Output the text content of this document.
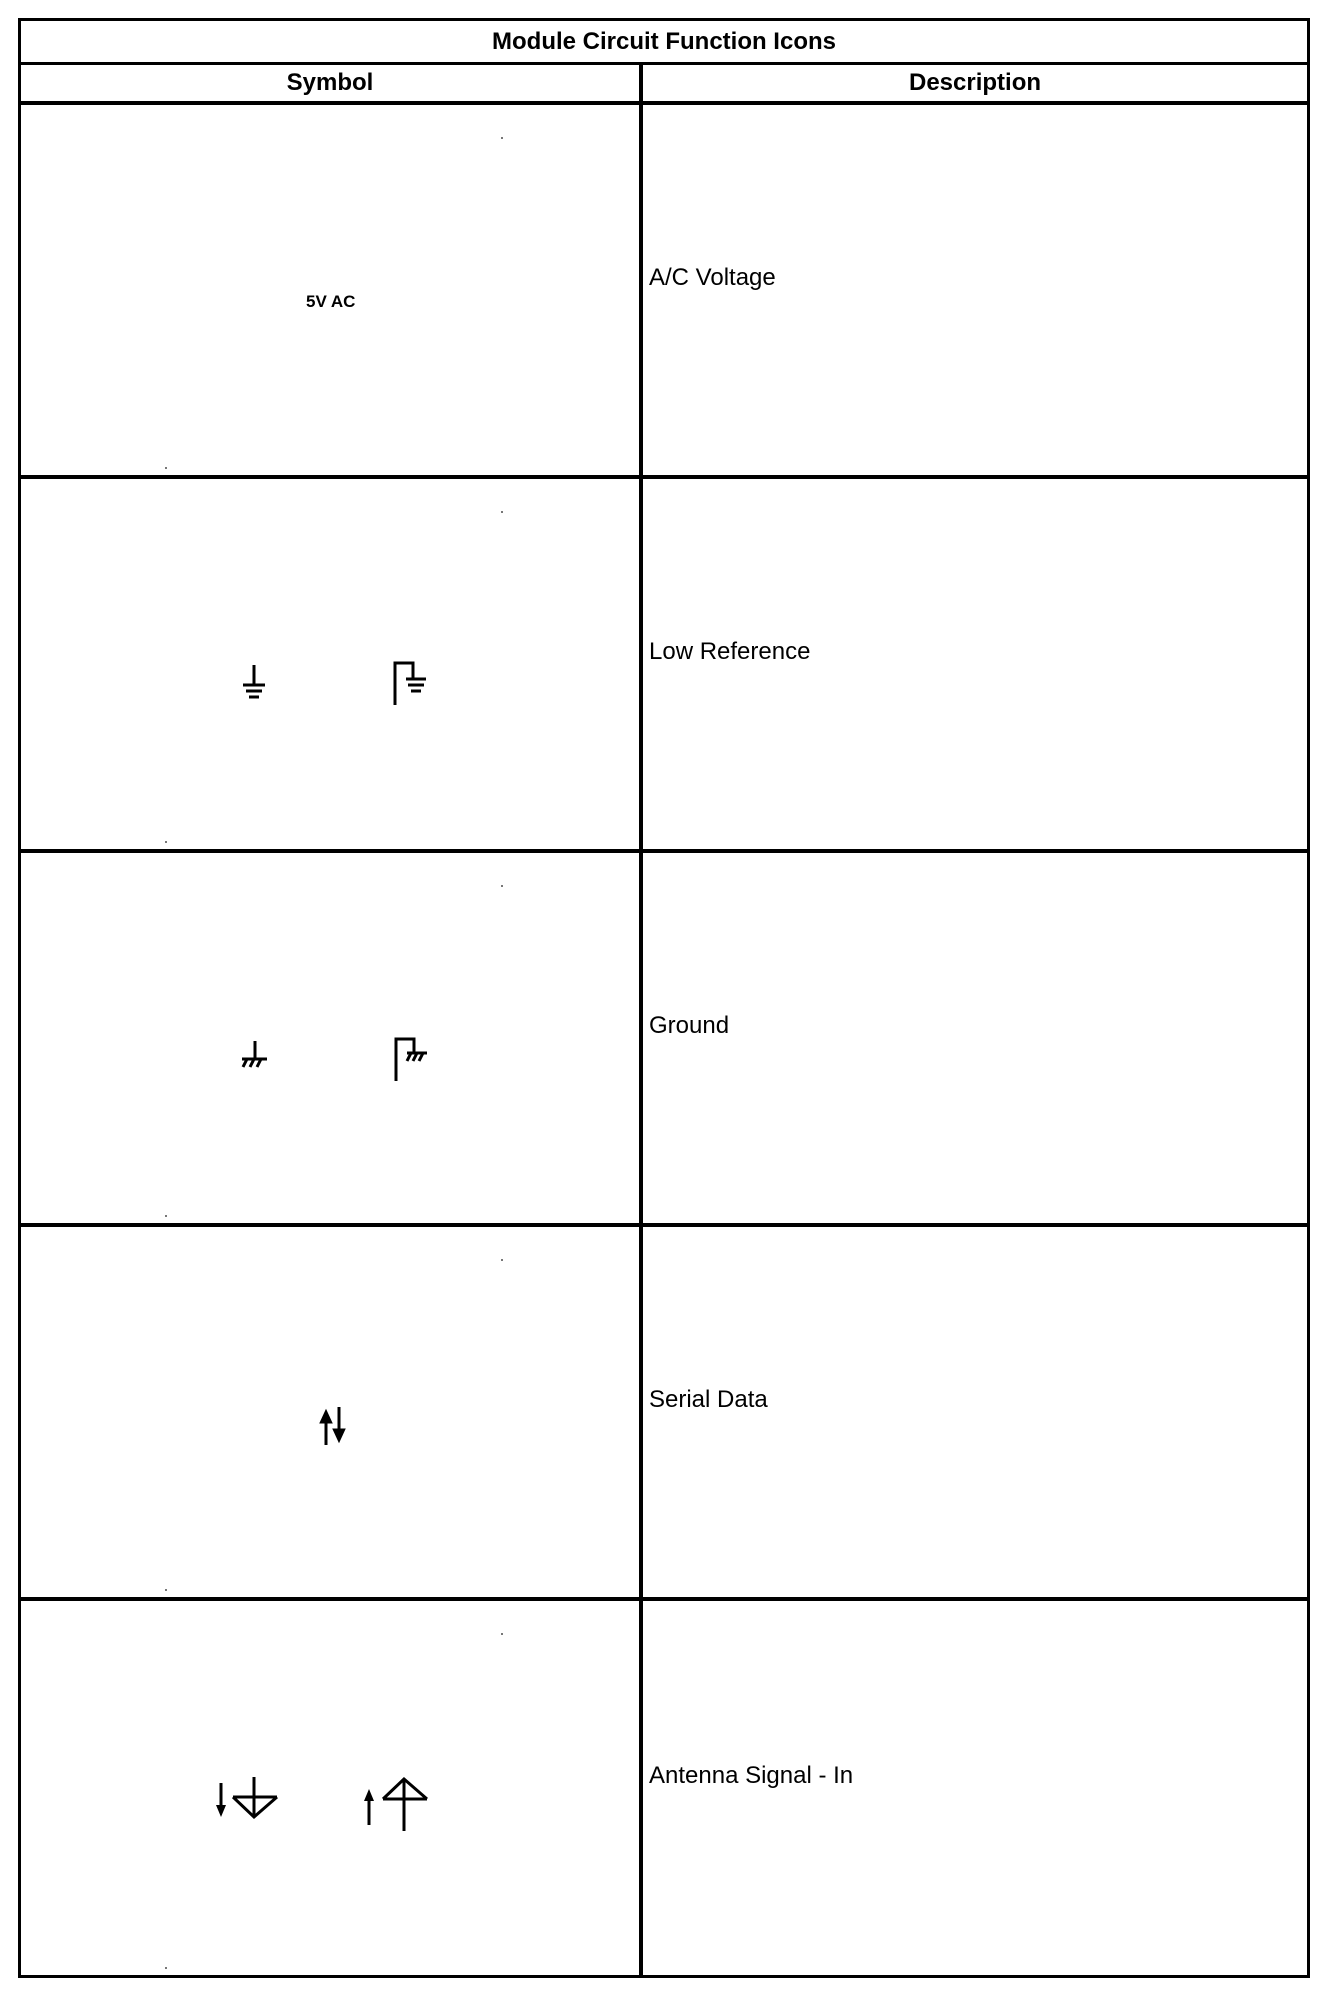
Module Circuit Function Icons
Symbol	Description
5V AC
A/C Voltage
Low Reference
Ground
Serial Data
Antenna Signal - In
